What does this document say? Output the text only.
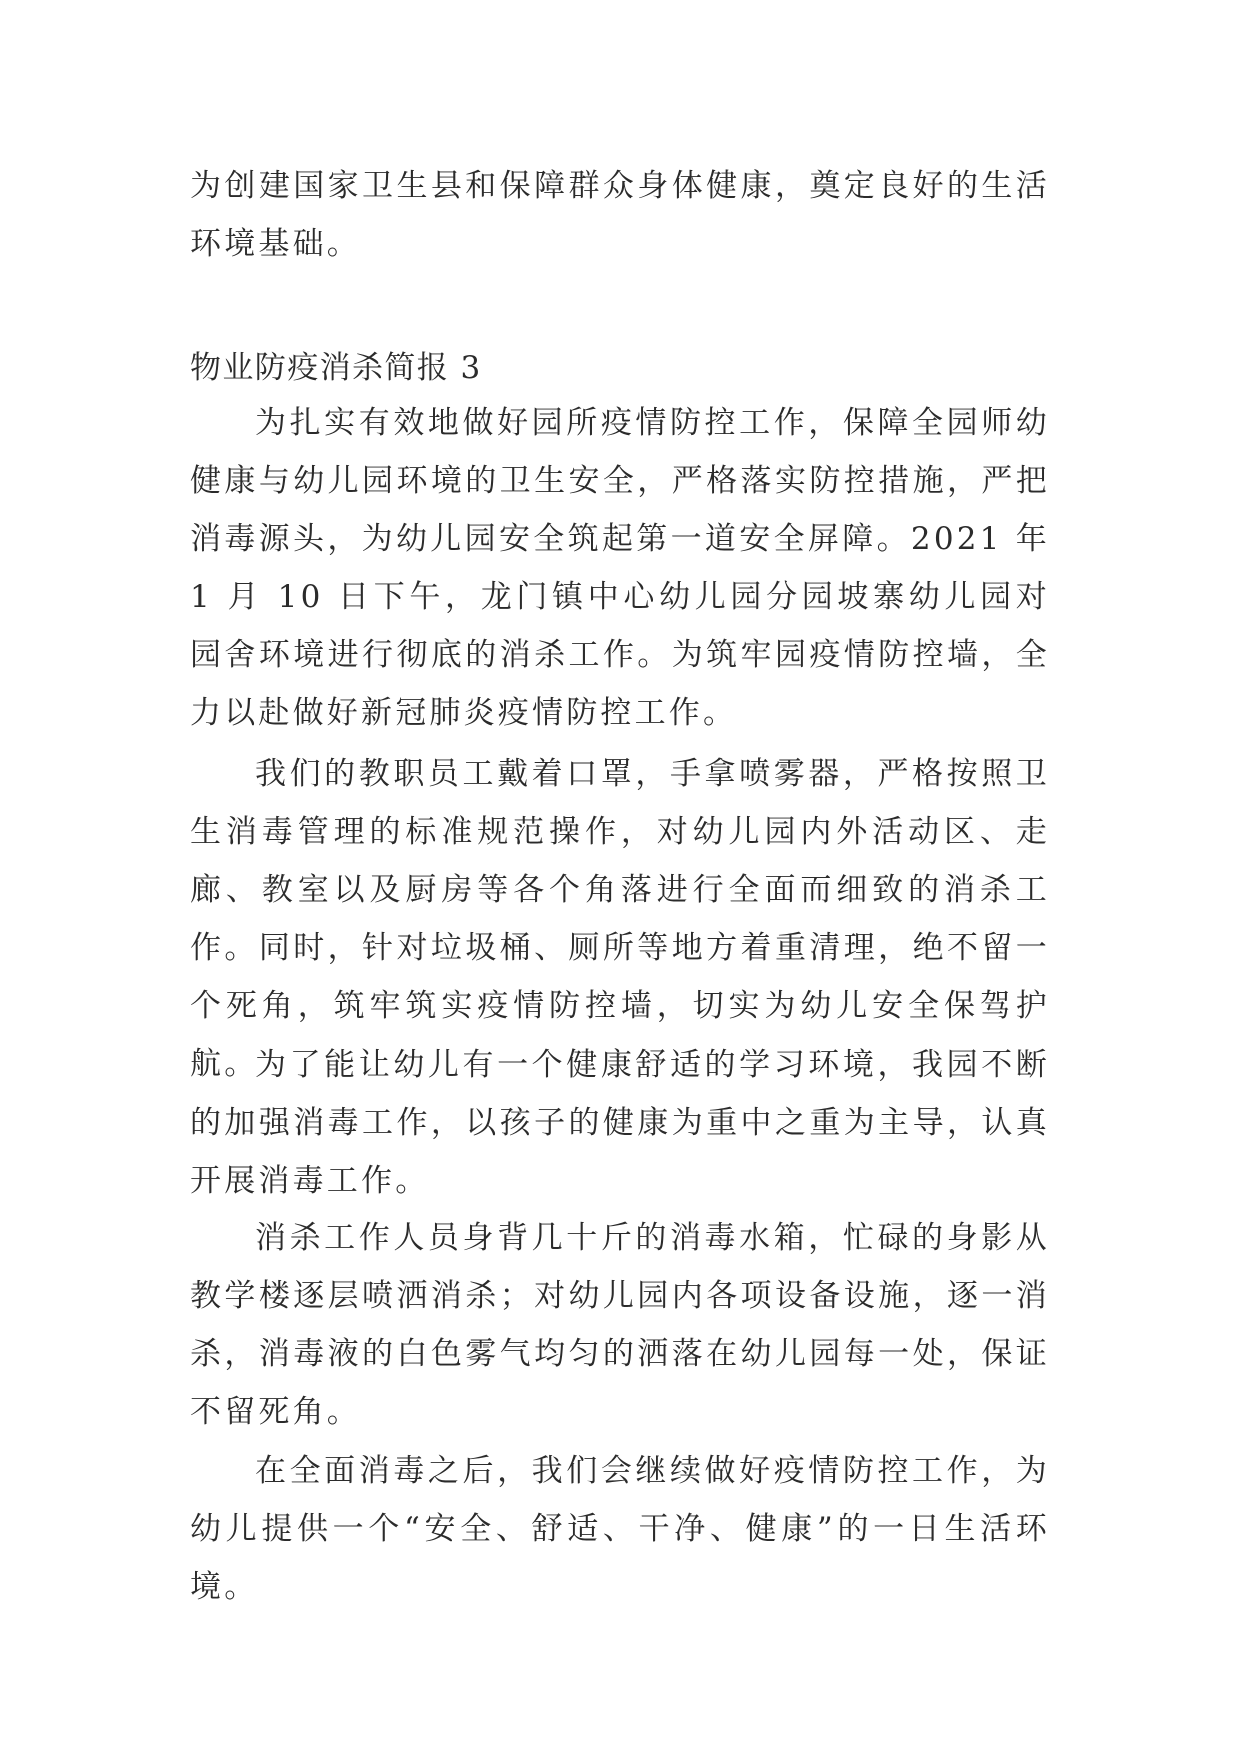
为创建国家卫生县和保障群众身体健康，奠定良好的生活环境基础。

物业防疫消杀简报 3

为扎实有效地做好园所疫情防控工作，保障全园师幼健康与幼儿园环境的卫生安全，严格落实防控措施，严把消毒源头，为幼儿园安全筑起第一道安全屏障。2021 年 1 月 10 日下午，龙门镇中心幼儿园分园坡寨幼儿园对园舍环境进行彻底的消杀工作。为筑牢园疫情防控墙，全力以赴做好新冠肺炎疫情防控工作。

我们的教职员工戴着口罩，手拿喷雾器，严格按照卫生消毒管理的标准规范操作，对幼儿园内外活动区、走廊、教室以及厨房等各个角落进行全面而细致的消杀工作。同时，针对垃圾桶、厕所等地方着重清理，绝不留一个死角，筑牢筑实疫情防控墙，切实为幼儿安全保驾护航。

为了能让幼儿有一个健康舒适的学习环境，我园不断的加强消毒工作，以孩子的健康为重中之重为主导，认真开展消毒工作。

消杀工作人员身背几十斤的消毒水箱，忙碌的身影从教学楼逐层喷洒消杀；对幼儿园内各项设备设施，逐一消杀，消毒液的白色雾气均匀的洒落在幼儿园每一处，保证不留死角。

在全面消毒之后，我们会继续做好疫情防控工作，为幼儿提供一个“安全、舒适、干净、健康”的一日生活环境。
